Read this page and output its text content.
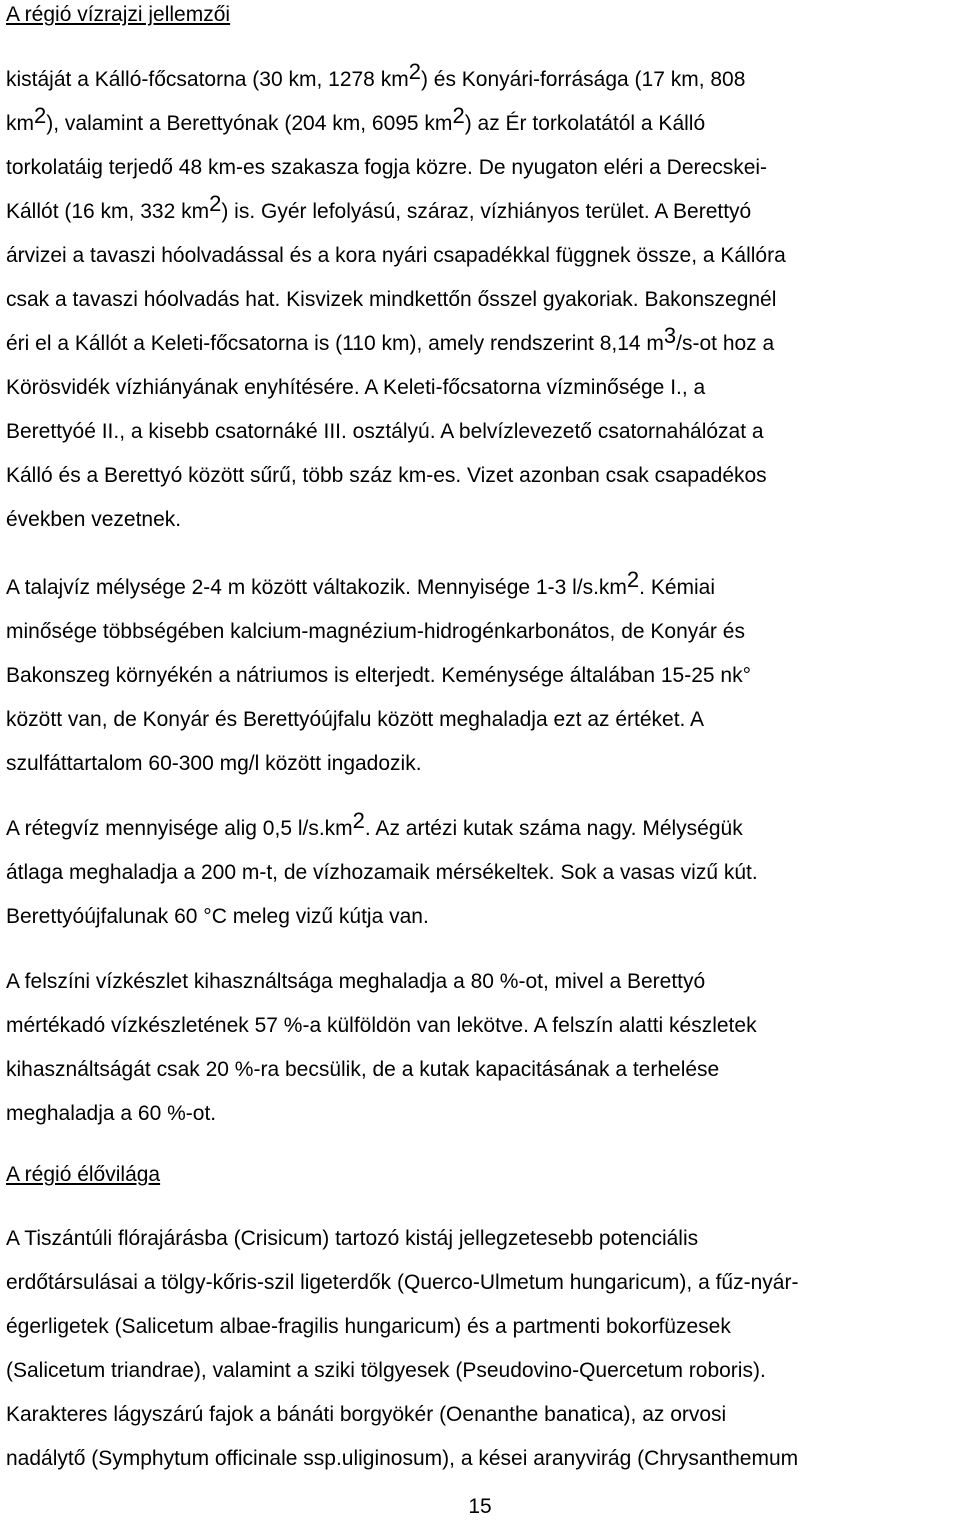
A régió vízrajzi jellemzői

kistáját a Kálló-főcsatorna (30 km, 1278 $km^2$) és Konyári-forrásága (17 km, 808
$km^2$), valamint a Berettyónak (204 km, 6095 $km^2$) az Ér torkolatától a Kálló
torkolatáig terjedő 48 km-es szakasza fogja közre. De nyugaton eléri a Derecskei-
Kállót (16 km, 332 $km^2$) is. Gyér lefolyású, száraz, vízhiányos terület. A Berettyó
árvizei a tavaszi hóolvadással és a kora nyári csapadékkal függnek össze, a Kállóra
csak a tavaszi hóolvadás hat. Kisvizek mindkettőn ősszel gyakoriak. Bakonszegnél
éri el a Kállót a Keleti-főcsatorna is (110 km), amely rendszerint 8,14 $m^3/s-ot$ hoz a
Körösvidék vízhiányának enyhítésére. A Keleti-főcsatorna vízminősége I., a
Berettyóé II., a kisebb csatornáké III. osztályú. A belvízlevezető csatornahálózat a
Kálló és a Berettyó között sűrű, több száz km-es. Vizet azonban csak csapadékos
években vezetnek.

A talajvíz mélysége 2-4 m között váltakozik. Mennyisége 1-3 $l/s.km^2$. Kémiai
minősége többségében kalcium-magnézium-hidrogénkarbonátos, de Konyár és
Bakonszeg környékén a nátriumos is elterjedt. Keménysége általában 15-25 nk°
között van, de Konyár és Berettyóújfalu között meghaladja ezt az értéket. A
szulfáttartalom 60-300 mg/l között ingadozik.

A rétegvíz mennyisége alig 0,5 $l/s.km^2$. Az artézi kutak száma nagy. Mélységük
átlaga meghaladja a 200 m-t, de vízhozamaik mérsékeltek. Sok a vasas vizű kút.
Berettyóújfalunak 60 °C meleg vizű kútja van.

A felszíni vízkészlet kihasználtsága meghaladja a 80 %-ot, mivel a Berettyó
mértékadó vízkészletének 57 %-a külföldön van lekötve. A felszín alatti készletek
kihasználtságát csak 20 %-ra becsülik, de a kutak kapacitásának a terhelése
meghaladja a 60 %-ot.

A régió élővilága

A Tiszántúli flórajárásba (Crisicum) tartozó kistáj jellegzetesebb potenciális
erdőtársulásai a tölgy-kőris-szil ligeterdők (Querco-Ulmetum hungaricum), a fűz-nyár-
égerligetek (Salicetum albae-fragilis hungaricum) és a partmenti bokorfüzesek
(Salicetum triandrae), valamint a sziki tölgyesek (Pseudovino-Quercetum roboris).
Karakteres lágyszárú fajok a bánáti borgyökér (Oenanthe banatica), az orvosi
nadálytő (Symphytum officinale ssp.uliginosum), a kései aranyvirág (Chrysanthemum

15
